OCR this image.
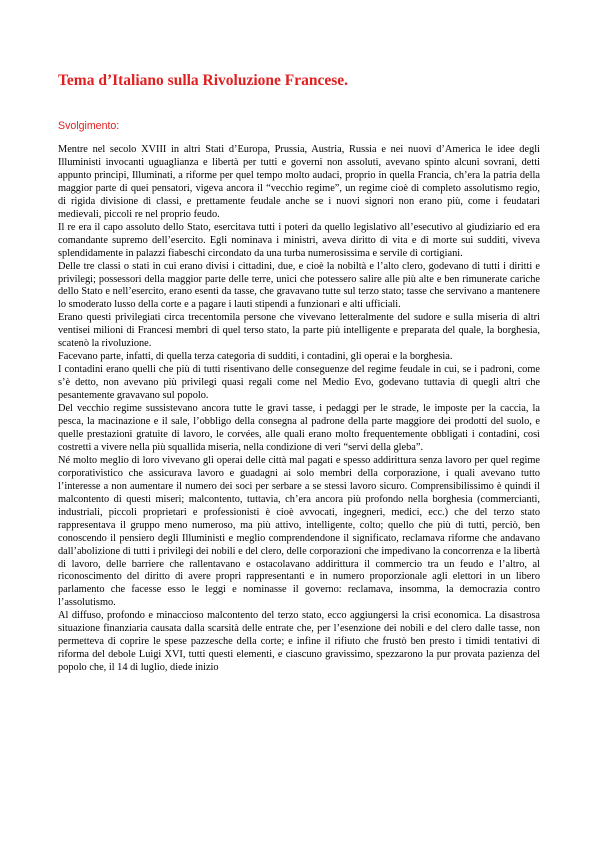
Tema d’Italiano sulla Rivoluzione Francese.
Svolgimento:

Mentre nel secolo XVIII in altri Stati d’Europa, Prussia, Austria, Russia e nei nuovi d’America le idee degli Illuministi invocanti uguaglianza e libertà per tutti e governi non assoluti, avevano spinto alcuni sovrani, detti appunto principi, Illuminati, a riforme per quel tempo molto audaci, proprio in quella Francia, ch’era la patria della maggior parte di quei pensatori, vigeva ancora il “vecchio regime”, un regime cioè di completo assolutismo regio, di rigida divisione di classi, e prettamente feudale anche se i nuovi signori non erano più, come i feudatari medievali, piccoli re nel proprio feudo.

Il re era il capo assoluto dello Stato, esercitava tutti i poteri da quello legislativo all’esecutivo al giudiziario ed era comandante supremo dell’esercito. Egli nominava i ministri, aveva diritto di vita e di morte sui sudditi, viveva splendidamente in palazzi fiabeschi circondato da una turba numerosissima e servile di cortigiani.

Delle tre classi o stati in cui erano divisi i cittadini, due, e cioè la nobiltà e l’alto clero, godevano di tutti i diritti e privilegi; possessori della maggior parte delle terre, unici che potessero salire alle più alte e ben rimunerate cariche dello Stato e nell’esercito, erano esenti da tasse, che gravavano tutte sul terzo stato; tasse che servivano a mantenere lo smoderato lusso della corte e a pagare i lauti stipendi a funzionari e alti ufficiali.

Erano questi privilegiati circa trecentomila persone che vivevano letteralmente del sudore e sulla miseria di altri ventisei milioni di Francesi membri di quel terso stato, la parte più intelligente e preparata del quale, la borghesia, scatenò la rivoluzione.

Facevano parte, infatti, di quella terza categoria di sudditi, i contadini, gli operai e la borghesia.

I contadini erano quelli che più di tutti risentivano delle conseguenze del regime feudale in cui, se i padroni, come s’è detto, non avevano più privilegi quasi regali come nel Medio Evo, godevano tuttavia di quegli altri che pesantemente gravavano sul popolo.

Del vecchio regime sussistevano ancora tutte le gravi tasse, i pedaggi per le strade, le imposte per la caccia, la pesca, la macinazione e il sale, l’obbligo della consegna al padrone della parte maggiore dei prodotti del suolo, e quelle prestazioni gratuite di lavoro, le corvées, alle quali erano molto frequentemente obbligati i contadini, così costretti a vivere nella più squallida miseria, nella condizione di veri “servi della gleba”.

Né molto meglio di loro vivevano gli operai delle città mal pagati e spesso addirittura senza lavoro per quel regime corporativistico che assicurava lavoro e guadagni ai solo membri della corporazione, i quali avevano tutto l’interesse a non aumentare il numero dei soci per serbare a se stessi lavoro sicuro. Comprensibilissimo è quindi il malcontento di questi miseri; malcontento, tuttavia, ch’era ancora più profondo nella borghesia (commercianti, industriali, piccoli proprietari e professionisti è cioè avvocati, ingegneri, medici, ecc.) che del terzo stato rappresentava il gruppo meno numeroso, ma più attivo, intelligente, colto; quello che più di tutti, perciò, ben conoscendo il pensiero degli Illuministi e meglio comprendendone il significato, reclamava riforme che andavano dall’abolizione di tutti i privilegi dei nobili e del clero, delle corporazioni che impedivano la concorrenza e la libertà di lavoro, delle barriere che rallentavano e ostacolavano addirittura il commercio tra un feudo e l’altro, al riconoscimento del diritto di avere propri rappresentanti e in numero proporzionale agli elettori in un libero parlamento che facesse esso le leggi e nominasse il governo: reclamava, insomma, la democrazia contro l’assolutismo.

Al diffuso, profondo e minaccioso malcontento del terzo stato, ecco aggiungersi la crisi economica. La disastrosa situazione finanziaria causata dalla scarsità delle entrate che, per l’esenzione dei nobili e del clero dalle tasse, non permetteva di coprire le spese pazzesche della corte; e infine il rifiuto che frustò ben presto i timidi tentativi di riforma del debole Luigi XVI, tutti questi elementi, e ciascuno gravissimo, spezzarono la pur provata pazienza del popolo che, il 14 di luglio, diede inizio
